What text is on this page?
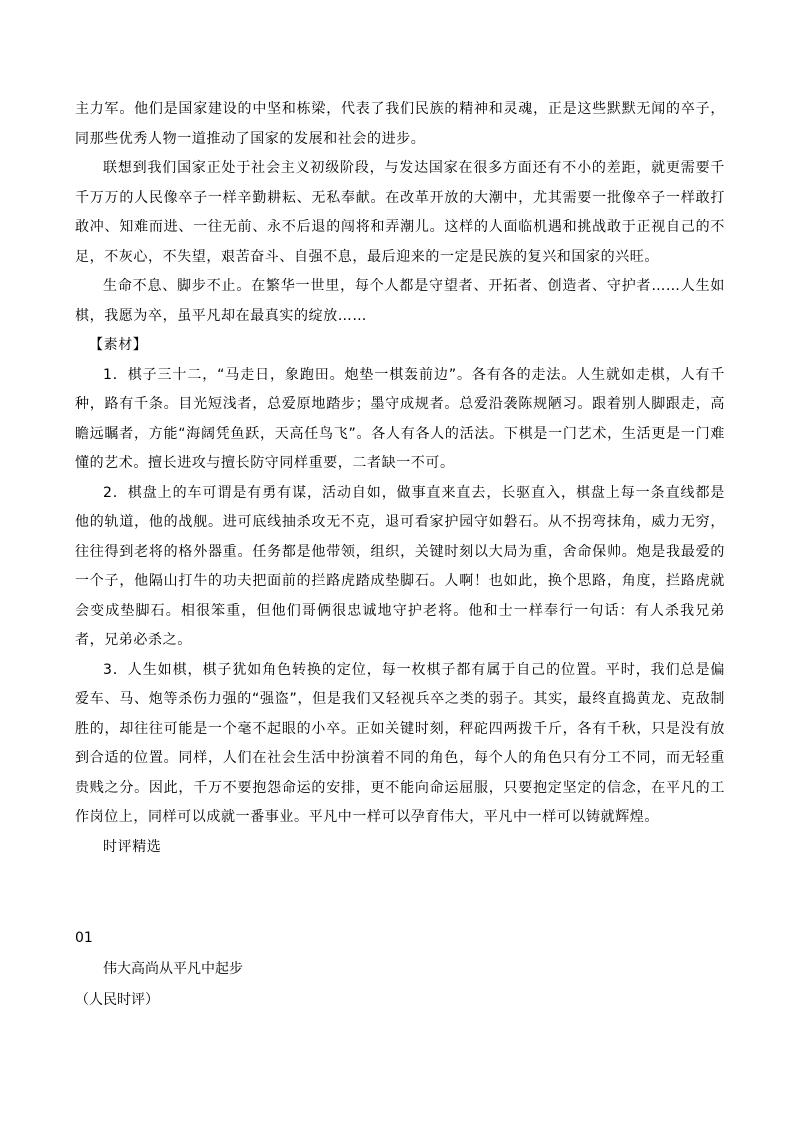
主力军。他们是国家建设的中坚和栋梁，代表了我们民族的精神和灵魂，正是这些默默无闻的卒子，同那些优秀人物一道推动了国家的发展和社会的进步。

联想到我们国家正处于社会主义初级阶段，与发达国家在很多方面还有不小的差距，就更需要千千万万的人民像卒子一样辛勤耕耘、无私奉献。在改革开放的大潮中，尤其需要一批像卒子一样敢打敢冲、知难而进、一往无前、永不后退的闯将和弄潮儿。这样的人面临机遇和挑战敢于正视自己的不足，不灰心，不失望，艰苦奋斗、自强不息，最后迎来的一定是民族的复兴和国家的兴旺。

生命不息、脚步不止。在繁华一世里，每个人都是守望者、开拓者、创造者、守护者……人生如棋，我愿为卒，虽平凡却在最真实的绽放……

【素材】

1．棋子三十二，“马走日，象跑田。炮垫一棋轰前边”。各有各的走法。人生就如走棋，人有千种，路有千条。目光短浅者，总爱原地踏步；墨守成规者。总爱沿袭陈规陋习。跟着别人脚跟走，高瞻远瞩者，方能“海阔凭鱼跃，天高任鸟飞”。各人有各人的活法。下棋是一门艺术，生活更是一门难懂的艺术。擅长进攻与擅长防守同样重要，二者缺一不可。

2．棋盘上的车可谓是有勇有谋，活动自如，做事直来直去，长驱直入，棋盘上每一条直线都是他的轨道，他的战舰。进可底线抽杀攻无不克，退可看家护园守如磐石。从不拐弯抹角，威力无穷，往往得到老将的格外器重。任务都是他带领，组织，关键时刻以大局为重，舍命保帅。炮是我最爱的一个子，他隔山打牛的功夫把面前的拦路虎踏成垫脚石。人啊！也如此，换个思路，角度，拦路虎就会变成垫脚石。相很笨重，但他们哥俩很忠诚地守护老将。他和士一样奉行一句话：有人杀我兄弟者，兄弟必杀之。

3．人生如棋，棋子犹如角色转换的定位，每一枚棋子都有属于自己的位置。平时，我们总是偏爱车、马、炮等杀伤力强的“强盗”，但是我们又轻视兵卒之类的弱子。其实，最终直捣黄龙、克敌制胜的，却往往可能是一个毫不起眼的小卒。正如关键时刻，秤砣四两拨千斤，各有千秋，只是没有放到合适的位置。同样，人们在社会生活中扮演着不同的角色，每个人的角色只有分工不同，而无轻重贵贱之分。因此，千万不要抱怨命运的安排，更不能向命运屈服，只要抱定坚定的信念，在平凡的工作岗位上，同样可以成就一番事业。平凡中一样可以孕育伟大，平凡中一样可以铸就辉煌。

时评精选

01
伟大高尚从平凡中起步
（人民时评）
